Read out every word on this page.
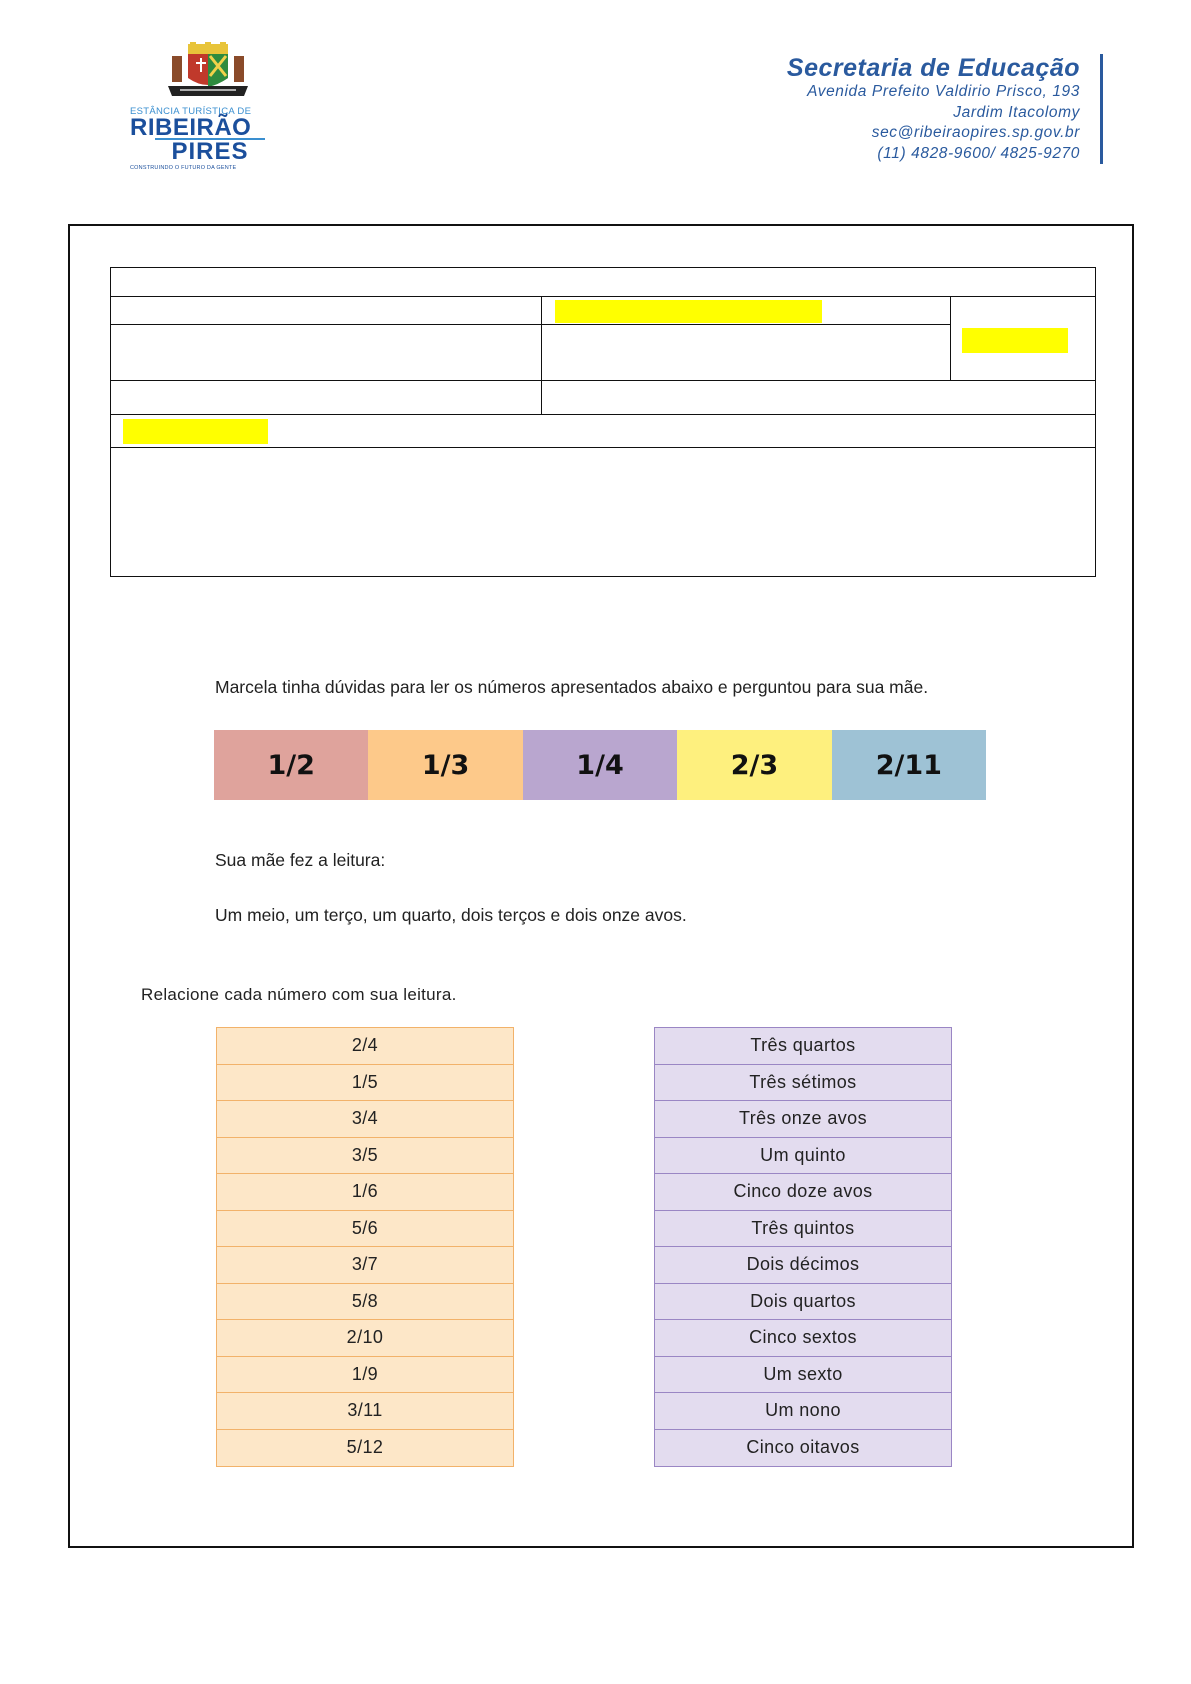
ESTÂNCIA TURÍSTICA DE
RIBEIRÃO
PIRES
CONSTRUINDO O FUTURO DA GENTE
Secretaria de Educação
Avenida Prefeito Valdirio Prisco, 193
Jardim Itacolomy
sec@ribeiraopires.sp.gov.br
(11) 4828-9600/ 4825-9270
Marcela tinha dúvidas para ler os números apresentados abaixo e perguntou para sua mãe.
1/2	1/3	1/4	2/3	2/11
Sua mãe fez a leitura:
Um meio, um terço, um quarto, dois terços e dois onze avos.
Relacione cada número com sua leitura.
2/4
1/5
3/4
3/5
1/6
5/6
3/7
5/8
2/10
1/9
3/11
5/12
Três quartos
Três sétimos
Três onze avos
Um quinto
Cinco doze avos
Três quintos
Dois décimos
Dois quartos
Cinco sextos
Um sexto
Um nono
Cinco oitavos
